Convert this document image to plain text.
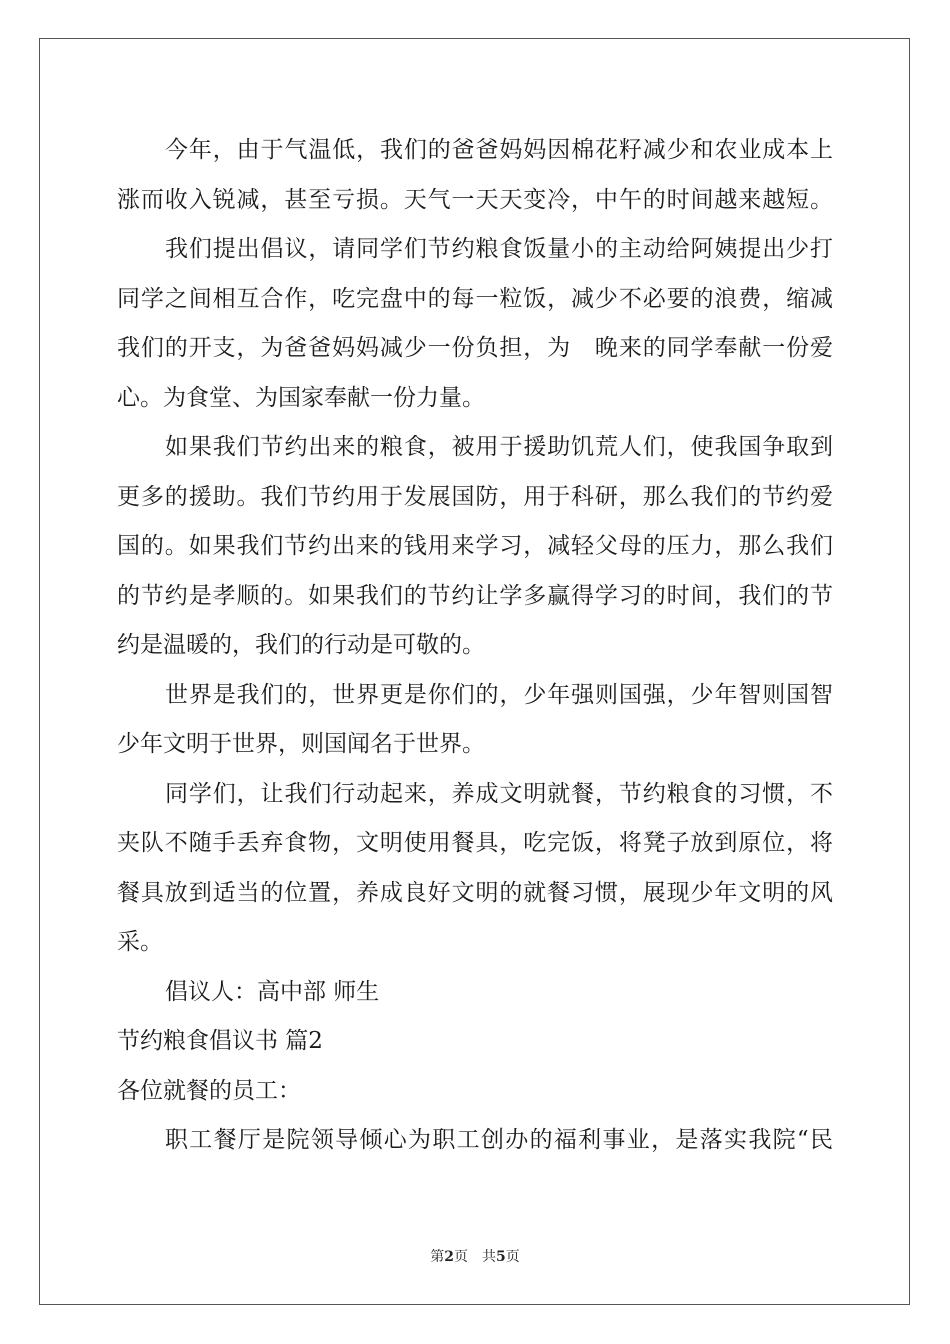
今年，由于气温低，我们的爸爸妈妈因棉花籽减少和农业成本上
涨而收入锐减，甚至亏损。天气一天天变冷，中午的时间越来越短。
我们提出倡议，请同学们节约粮食饭量小的主动给阿姨提出少打
同学之间相互合作，吃完盘中的每一粒饭，减少不必要的浪费，缩减
我们的开支，为爸爸妈妈减少一份负担，为　晚来的同学奉献一份爱
心。为食堂、为国家奉献一份力量。
如果我们节约出来的粮食，被用于援助饥荒人们，使我国争取到
更多的援助。我们节约用于发展国防，用于科研，那么我们的节约爱
国的。如果我们节约出来的钱用来学习，减轻父母的压力，那么我们
的节约是孝顺的。如果我们的节约让学多赢得学习的时间，我们的节
约是温暖的，我们的行动是可敬的。
世界是我们的，世界更是你们的，少年强则国强，少年智则国智
少年文明于世界，则国闻名于世界。
同学们，让我们行动起来，养成文明就餐，节约粮食的习惯，不
夹队不随手丢弃食物，文明使用餐具，吃完饭，将凳子放到原位，将
餐具放到适当的位置，养成良好文明的就餐习惯，展现少年文明的风
采。
倡议人：高中部 师生
节约粮食倡议书 篇2
各位就餐的员工：
职工餐厅是院领导倾心为职工创办的福利事业，是落实我院“民
第2页 共5页
